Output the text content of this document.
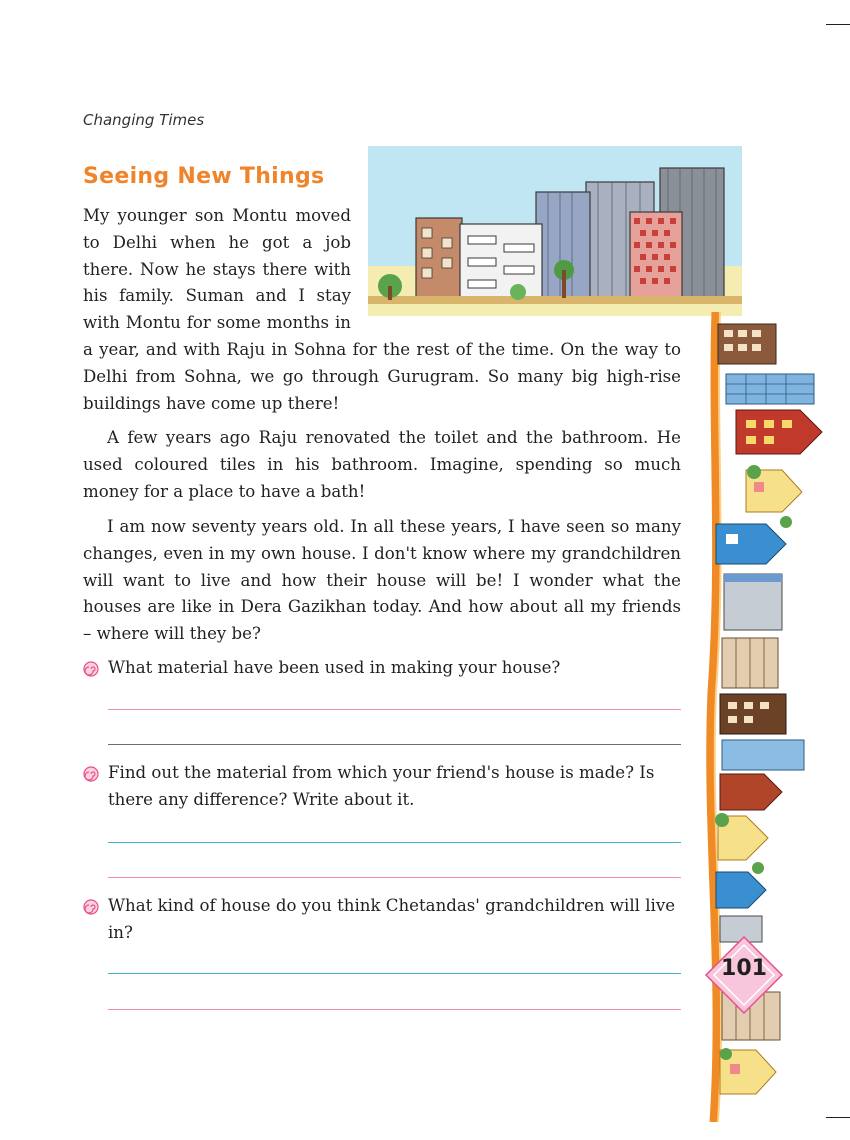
Changing Times
Seeing New Things

My younger son Montu moved to Delhi when he got a job there. Now he stays there with his family. Suman and I stay with Montu for some months in a year, and with Raju in Sohna for the rest of the time. On the way to Delhi from Sohna, we go through Gurugram. So many big high-rise buildings have come up there!

A few years ago Raju renovated the toilet and the bathroom. He used coloured tiles in his bathroom. Imagine, spending so much money for a place to have a bath!

I am now seventy years old. In all these years, I have seen so many changes, even in my own house. I don't know where my grandchildren will want to live and how their house will be! I wonder what the houses are like in Dera Gazikhan today. And how about all my friends – where will they be?

What material have been used in making your house?
Find out the material from which your friend's house is made? Is there any difference? Write about it.
What kind of house do you think Chetandas' grandchildren will live in?
101
